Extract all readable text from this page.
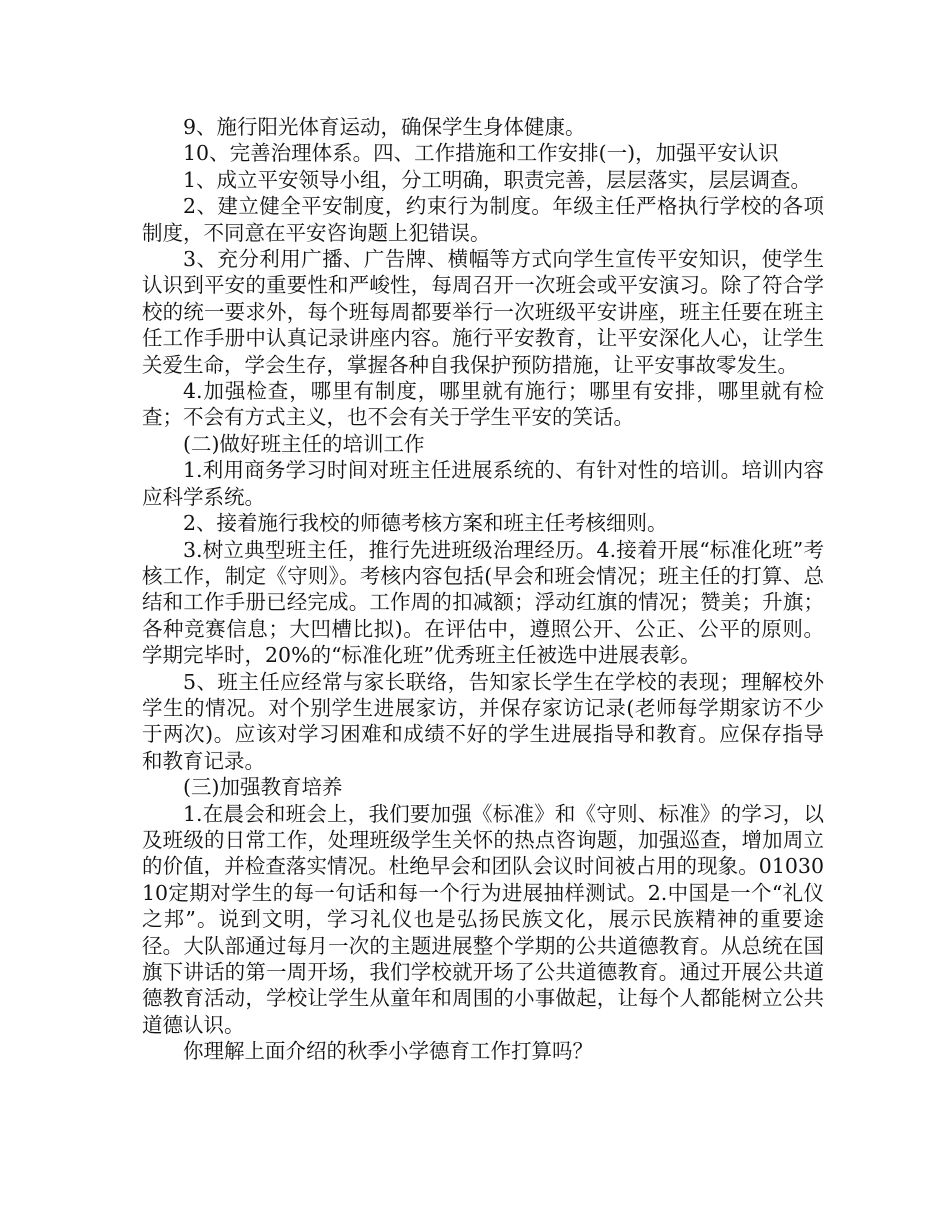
9、施行阳光体育运动，确保学生身体健康。

10、完善治理体系。四、工作措施和工作安排(一)，加强平安认识

1、成立平安领导小组，分工明确，职责完善，层层落实，层层调查。

2、建立健全平安制度，约束行为制度。年级主任严格执行学校的各项制度，不同意在平安咨询题上犯错误。

3、充分利用广播、广告牌、横幅等方式向学生宣传平安知识，使学生认识到平安的重要性和严峻性，每周召开一次班会或平安演习。除了符合学校的统一要求外，每个班每周都要举行一次班级平安讲座，班主任要在班主任工作手册中认真记录讲座内容。施行平安教育，让平安深化人心，让学生关爱生命，学会生存，掌握各种自我保护预防措施，让平安事故零发生。

4.加强检查，哪里有制度，哪里就有施行；哪里有安排，哪里就有检查；不会有方式主义，也不会有关于学生平安的笑话。

(二)做好班主任的培训工作

1.利用商务学习时间对班主任进展系统的、有针对性的培训。培训内容应科学系统。

2、接着施行我校的师德考核方案和班主任考核细则。

3.树立典型班主任，推行先进班级治理经历。4.接着开展“标准化班”考核工作，制定《守则》。考核内容包括(早会和班会情况；班主任的打算、总结和工作手册已经完成。工作周的扣减额；浮动红旗的情况；赞美；升旗；各种竞赛信息；大凹槽比拟)。在评估中，遵照公开、公正、公平的原则。学期完毕时，20%的“标准化班”优秀班主任被选中进展表彰。

5、班主任应经常与家长联络，告知家长学生在学校的表现；理解校外学生的情况。对个别学生进展家访，并保存家访记录(老师每学期家访不少于两次)。应该对学习困难和成绩不好的学生进展指导和教育。应保存指导和教育记录。

(三)加强教育培养

1.在晨会和班会上，我们要加强《标准》和《守则、标准》的学习，以及班级的日常工作，处理班级学生关怀的热点咨询题，加强巡查，增加周立的价值，并检查落实情况。杜绝早会和团队会议时间被占用的现象。0103010定期对学生的每一句话和每一个行为进展抽样测试。2.中国是一个“礼仪之邦”。说到文明，学习礼仪也是弘扬民族文化，展示民族精神的重要途径。大队部通过每月一次的主题进展整个学期的公共道德教育。从总统在国旗下讲话的第一周开场，我们学校就开场了公共道德教育。通过开展公共道德教育活动，学校让学生从童年和周围的小事做起，让每个人都能树立公共道德认识。

你理解上面介绍的秋季小学德育工作打算吗？
